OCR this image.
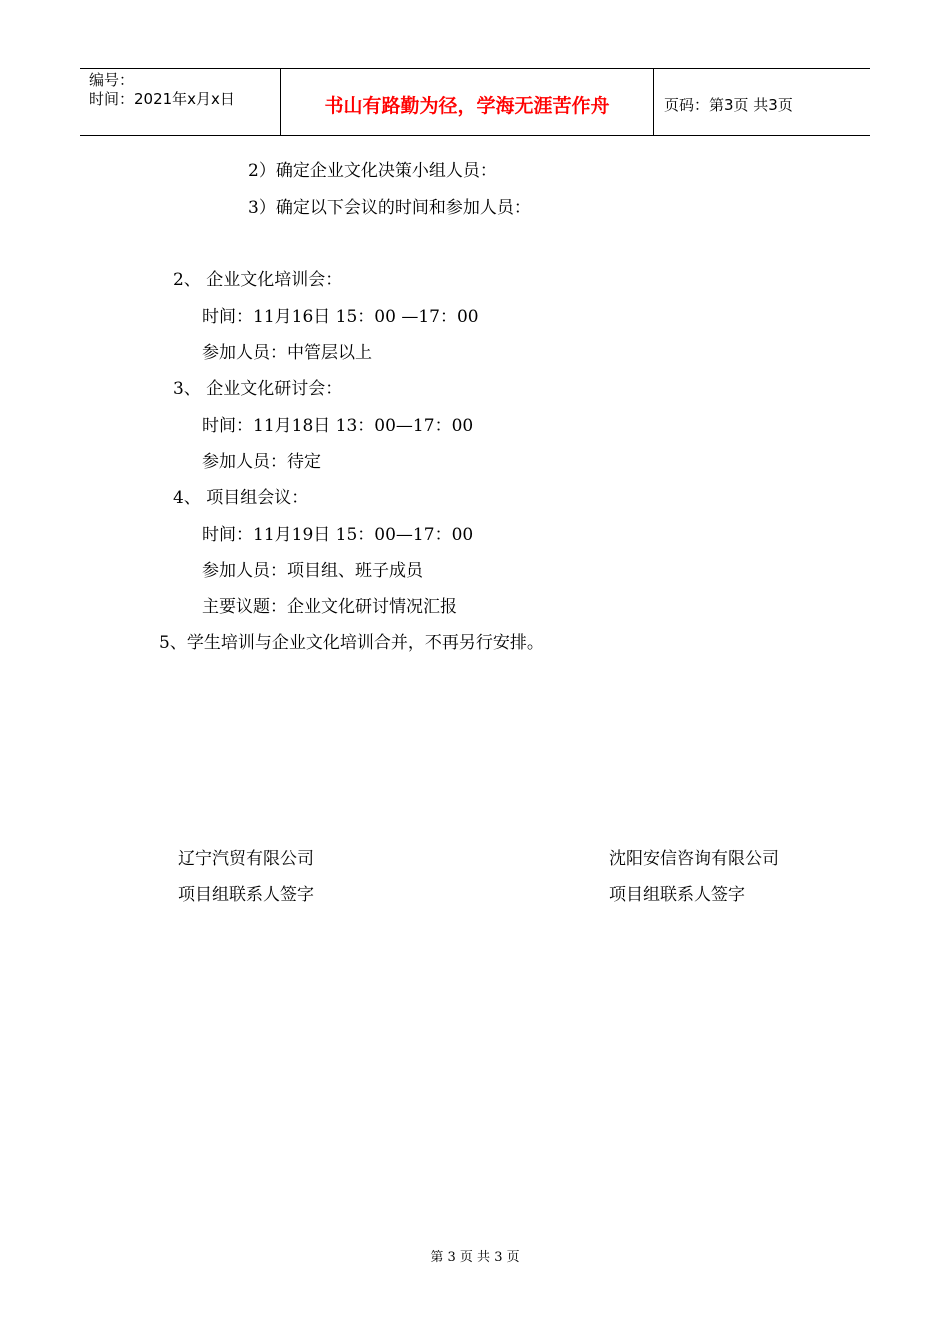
编号：
时间：2021年x月x日	书山有路勤为径，学海无涯苦作舟	页码：第3页 共3页
2）确定企业文化决策小组人员：
3）确定以下会议的时间和参加人员：
2、 企业文化培训会：
时间：11月16日 15：00 —17：00
参加人员：中管层以上
3、 企业文化研讨会：
时间：11月18日 13：00—17：00
参加人员：待定
4、 项目组会议：
时间：11月19日 15：00—17：00
参加人员：项目组、班子成员
主要议题：企业文化研讨情况汇报
5、学生培训与企业文化培训合并，不再另行安排。
辽宁汽贸有限公司
项目组联系人签字
沈阳安信咨询有限公司
项目组联系人签字
第 3 页 共 3 页
